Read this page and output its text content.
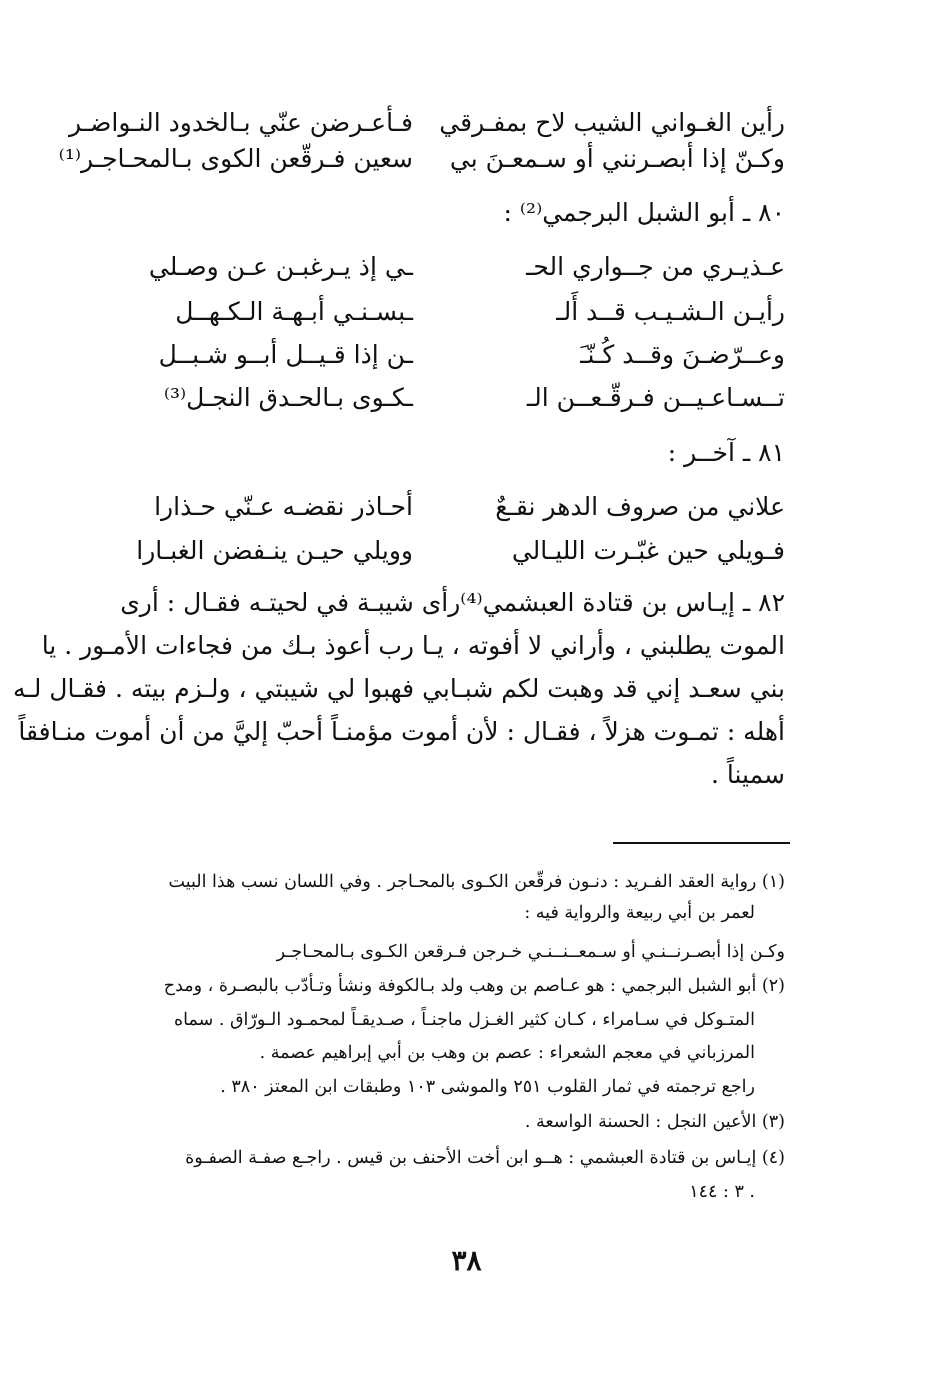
رأين الغـواني الشيب لاح بمفـرقي
فـأعـرضن عنّي بـالخدود النـواضـر
وكـنّ إذا أبصـرنني أو سـمعـنَ بي
سعين فـرقّعن الكوى بـالمحـاجـر⁽¹⁾
٨٠ ـ أبو الشبل البرجمي⁽²⁾ :
عـذيـري من جــواري الحـ
ـي إذ يـرغبـن عـن وصـلي
رأيـن الـشـيـب قــد أَلـ
ـبسـنـي أبـهـة الـكـهــل
وعــرّضـنَ وقــد كُـنّـَ
ـن إذا قـيــل أبــو شـبــل
تــسـاعـيــن فـرقّـعــن الـ
ـكـوى بـالحـدق النجـل⁽³⁾
٨١ ـ آخــر :
علاني من صروف الدهر نقـعٌ
أحـاذر نقضـه عـنّي حـذارا
فـويلي حين غبّـرت الليـالي
وويلي حيـن ينـفضن الغبـارا
٨٢ ـ إيـاس بن قتادة العبشمي⁽⁴⁾رأى شيبـة في لحيتـه فقـال : أرى
الموت يطلبني ، وأراني لا أفوته ، يـا رب أعوذ بـك من فجاءات الأمـور . يا
بني سعـد إني قد وهبت لكم شبـابي فهبوا لي شيبتي ، ولـزم بيته . فقـال لـه
أهله : تمـوت هزلاً ، فقـال : لأن أموت مؤمنـاً أحبّ إليَّ من أن أموت منـافقاً
سميناً .
(١) رواية العقد الفـريد : دنـون فرقّعن الكـوى بالمحـاجر . وفي اللسان نسب هذا البيت
لعمر بن أبي ربيعة والرواية فيه :
وكـن إذا أبصـرنــنـي أو سـمعــنــنـي خـرجن فـرقعن الكـوى بـالمحـاجـر
(٢) أبو الشبل البرجمي : هو عـاصم بن وهب ولد بـالكوفة ونشأ وتـأدّب بالبصـرة ، ومدح
المتـوكل في سـامراء ، كـان كثير الغـزل ماجنـاً ، صـديقـاً لمحمـود الـورّاق . سماه
المرزباني في معجم الشعراء : عصم بن وهب بن أبي إبراهيم عصمة .
راجع ترجمته في ثمار القلوب ٢٥١ والموشى ١٠٣ وطبقات ابن المعتز ٣٨٠ .
(٣) الأعين النجل : الحسنة الواسعة .
(٤) إيـاس بن قتادة العبشمي : هــو ابن أخت الأحنف بن قيس . راجـع صفـة الصفـوة
٣ : ١٤٤ .
٣٨
